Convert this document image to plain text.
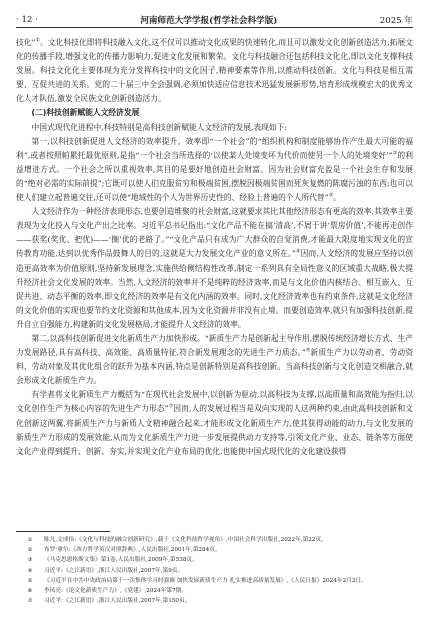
· 12 ·	河南师范大学学报(哲学社会科学版)	2025 年

技化”①。文化科技化即将科技融入文化,这不仅可以推动文化成果的快速转化,而且可以激发文化创新创造活力,拓展文化的传播手段,增强文化的传播力影响力,促进文化发展和繁荣。文化与科技融合还包括科技文化化,即以文化支撑科技发展。科技文化化主要体现为充分发挥科技中的文化因子,精神要素等作用,以推动科技创新。文化与科技是相互需要、互促共进的关系。党的二十届三中全会强调,必须加快适应信息技术迅猛发展新形势,培育形成规模宏大的优秀文化人才队伍,激发全民族文化创新创造活力。

(二)科技创新赋能人文经济发展

中国式现代化进程中,科技特别是高科技创新赋能人文经济的发展,表现如下:

第一,以科技创新促进人文经济的效率提升。效率即“一个社会”的“组织机构和制度能够协作产生最大可能的福利”,或者按照帕累托最优原则,是指“一个社会当所选择的‘以使某人处境变坏为代价而使另一个人的处境变好’”②的利益增进方式。一个社会之所以重视效率,其目的是要好地创造社会财富。因为社会财富充盈是一个社会生存和发展的“绝对必需的实际前提”;它既可以使人们克服贫穷和极端贫困,摆脱因极端贫困而死灰复燃的陈腐污浊的东西;也可以使人们建立起普遍交往,还可以使“地域性的个人为世界历史性的、经验上普遍的个人所代替”③。

人文经济作为一种经济表现形态,也要创造堆聚的社会财富,这就要求其比其他经济形态有更高的效率,其效率主要表现为文化投入与文化产出之比率。习近平总书记指出:“文化产品不能在搞‘清高’,不屑于讲‘票房价值’,不能再走创作——获奖(奖优、把优)——‘搁’优的老路了。”“文化产品只有成为广大群众的自觉消费,才能最大限度地实现文化的宣传教育功能,达到以优秀作品鼓舞人的目的,这就是大力发展文化产业的意义所在。”④因而,人文经济的发展应坚持以创造更高效率为价值原则,坚持新发展理念,实施供给侧结构性改革,制定一系列具有全局性意义的区域重大战略,极大提升经济社会文化发展的效率。当然,人文经济的效率并不是纯粹的经济效率,而是与文化价值内核结合、相互嵌入、互促共进、动态平衡的效率,即文化经济的效率是有文化内涵的效率。同时,文化经济效率也有约束条件,这就是文化经济的文化价值的实现也要节约文化资源和其他成本,因为文化资源并非没有止境。而要创造效率,就只有加强科技创新,提升自立自强能力,构建新的文化发展格局,才能提升人文经济的效率。

第二,以高科技创新促进文化新质生产力加快形成。“新质生产力是创新起主导作用,摆脱传统经济增长方式、生产力发展路径,具有高科技、高效能、高质量特征,符合新发展理念的先进生产力质态。”⑤新质生产力以劳动者、劳动资料、劳动对象及其优化组合的跃升为基本内涵,特点是创新特别是高科技创新。当高科技创新与文化创造交相融合,就会形成文化新质生产力。

有学者将文化新质生产力概括为“在现代社会发展中,以创新为驱动,以高科技为支撑,以高质量和高效能为指归,以文化创作生产为核心内容的先进生产力形态”⑦因而,人的发展过程当是双向实现的人这两种约束,由此高科技创新和文化创新这两翼,将新质生产力与新质人文精神融合起来,才能形成文化新质生产力,使其获得动能的动力,与文化发展的新质生产力形成的发展效能,从而为文化新质生产力进一步发展提供动力支持等,引领文化产业、业态、链条等方面使文化产业得到提升、创新、夯实,并实现文化产业布局的优化,也能使中国式现代化的文化建设获得

①	陈凡,文成伟:《文化与科技的融合创新研究》,载于《文化科技哲学视角》,中国社会科学出版社,2022年,第22页。
②	布罗·拿尔:《西方哲学英汉对照辞典》,人民出版社,2001年,第284页。
③	《马克思恩格斯文集》第1卷,人民出版社,2009年,第538页。
④	习近平:《之江新语》,浙江人民出版社,2007年,第9页。
⑤	《习近平在中共中央政治局第十一次集体学习时强调 加快发展新质生产力 扎实推进高质量发展》,《人民日报》2024年2月2日。
⑥	李凤亮:《论文化新质生产力》,《党建》,2024年第7期。
⑦	习近平:《之江新语》,浙江人民出版社,2007年,第150页。
